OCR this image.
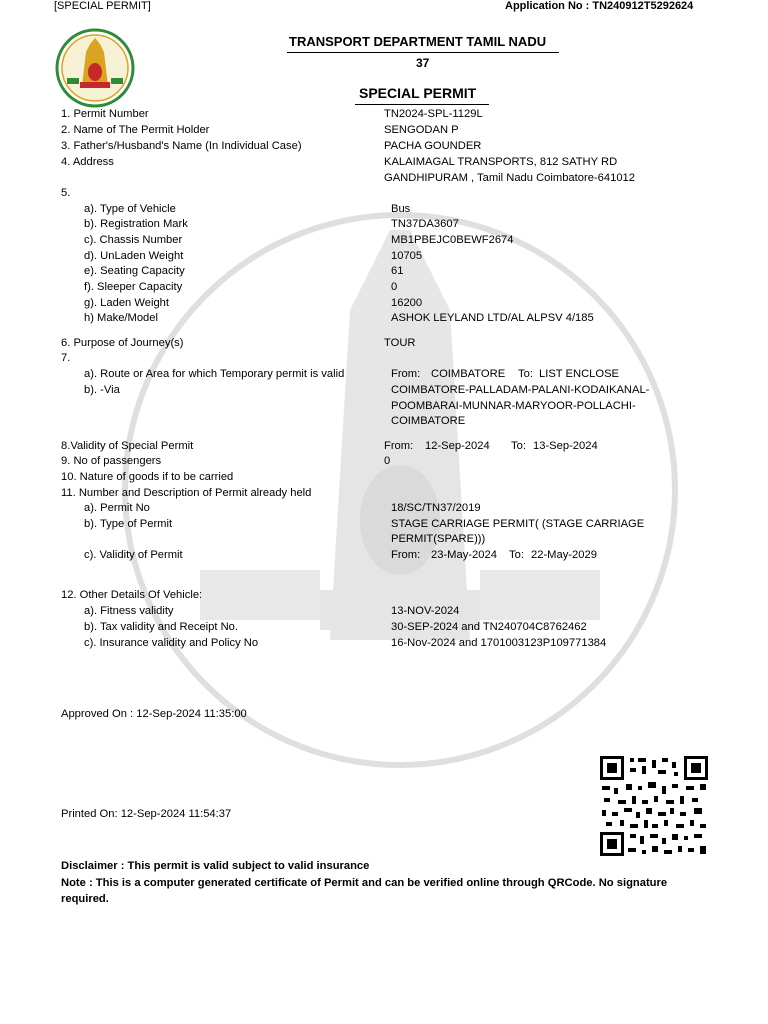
[SPECIAL PERMIT]	Application No : TN240912T5292624
TRANSPORT DEPARTMENT TAMIL NADU
37
SPECIAL PERMIT
1. Permit Number	TN2024-SPL-1129L
2. Name of The Permit Holder	SENGODAN P
3. Father's/Husband's Name (In Individual Case)	PACHA GOUNDER
4. Address	KALAIMAGAL TRANSPORTS, 812 SATHY RD
GANDHIPURAM , Tamil Nadu Coimbatore-641012
5.
a). Type of Vehicle	Bus
b). Registration Mark	TN37DA3607
c). Chassis Number	MB1PBEJC0BEWF2674
d). UnLaden Weight	10705
e). Seating Capacity	61
f). Sleeper Capacity	0
g). Laden Weight	16200
h) Make/Model	ASHOK LEYLAND LTD/AL ALPSV 4/185
6. Purpose of Journey(s)	TOUR
7.
a). Route or Area for which Temporary permit is valid	From: COIMBATORE To: LIST ENCLOSE
b). -Via	COIMBATORE-PALLADAM-PALANI-KODAIKANAL-
POOMBARAI-MUNNAR-MARYOOR-POLLACHI-
COIMBATORE
8.Validity of Special Permit	From: 12-Sep-2024 To: 13-Sep-2024
9. No of passengers	0
10. Nature of goods if to be carried
11. Number and Description of Permit already held
a). Permit No	18/SC/TN37/2019
b). Type of Permit	STAGE CARRIAGE PERMIT( (STAGE CARRIAGE
PERMIT(SPARE)))
c). Validity of Permit	From: 23-May-2024 To: 22-May-2029
12. Other Details Of Vehicle:
a). Fitness validity	13-NOV-2024
b). Tax validity and Receipt No.	30-SEP-2024 and TN240704C8762462
c). Insurance validity and Policy No	16-Nov-2024 and 1701003123P109771384
Approved On : 12-Sep-2024 11:35:00
Printed On: 12-Sep-2024 11:54:37
Disclaimer : This permit is valid subject to valid insurance
Note : This is a computer generated certificate of Permit and can be verified online through QRCode. No signature required.
